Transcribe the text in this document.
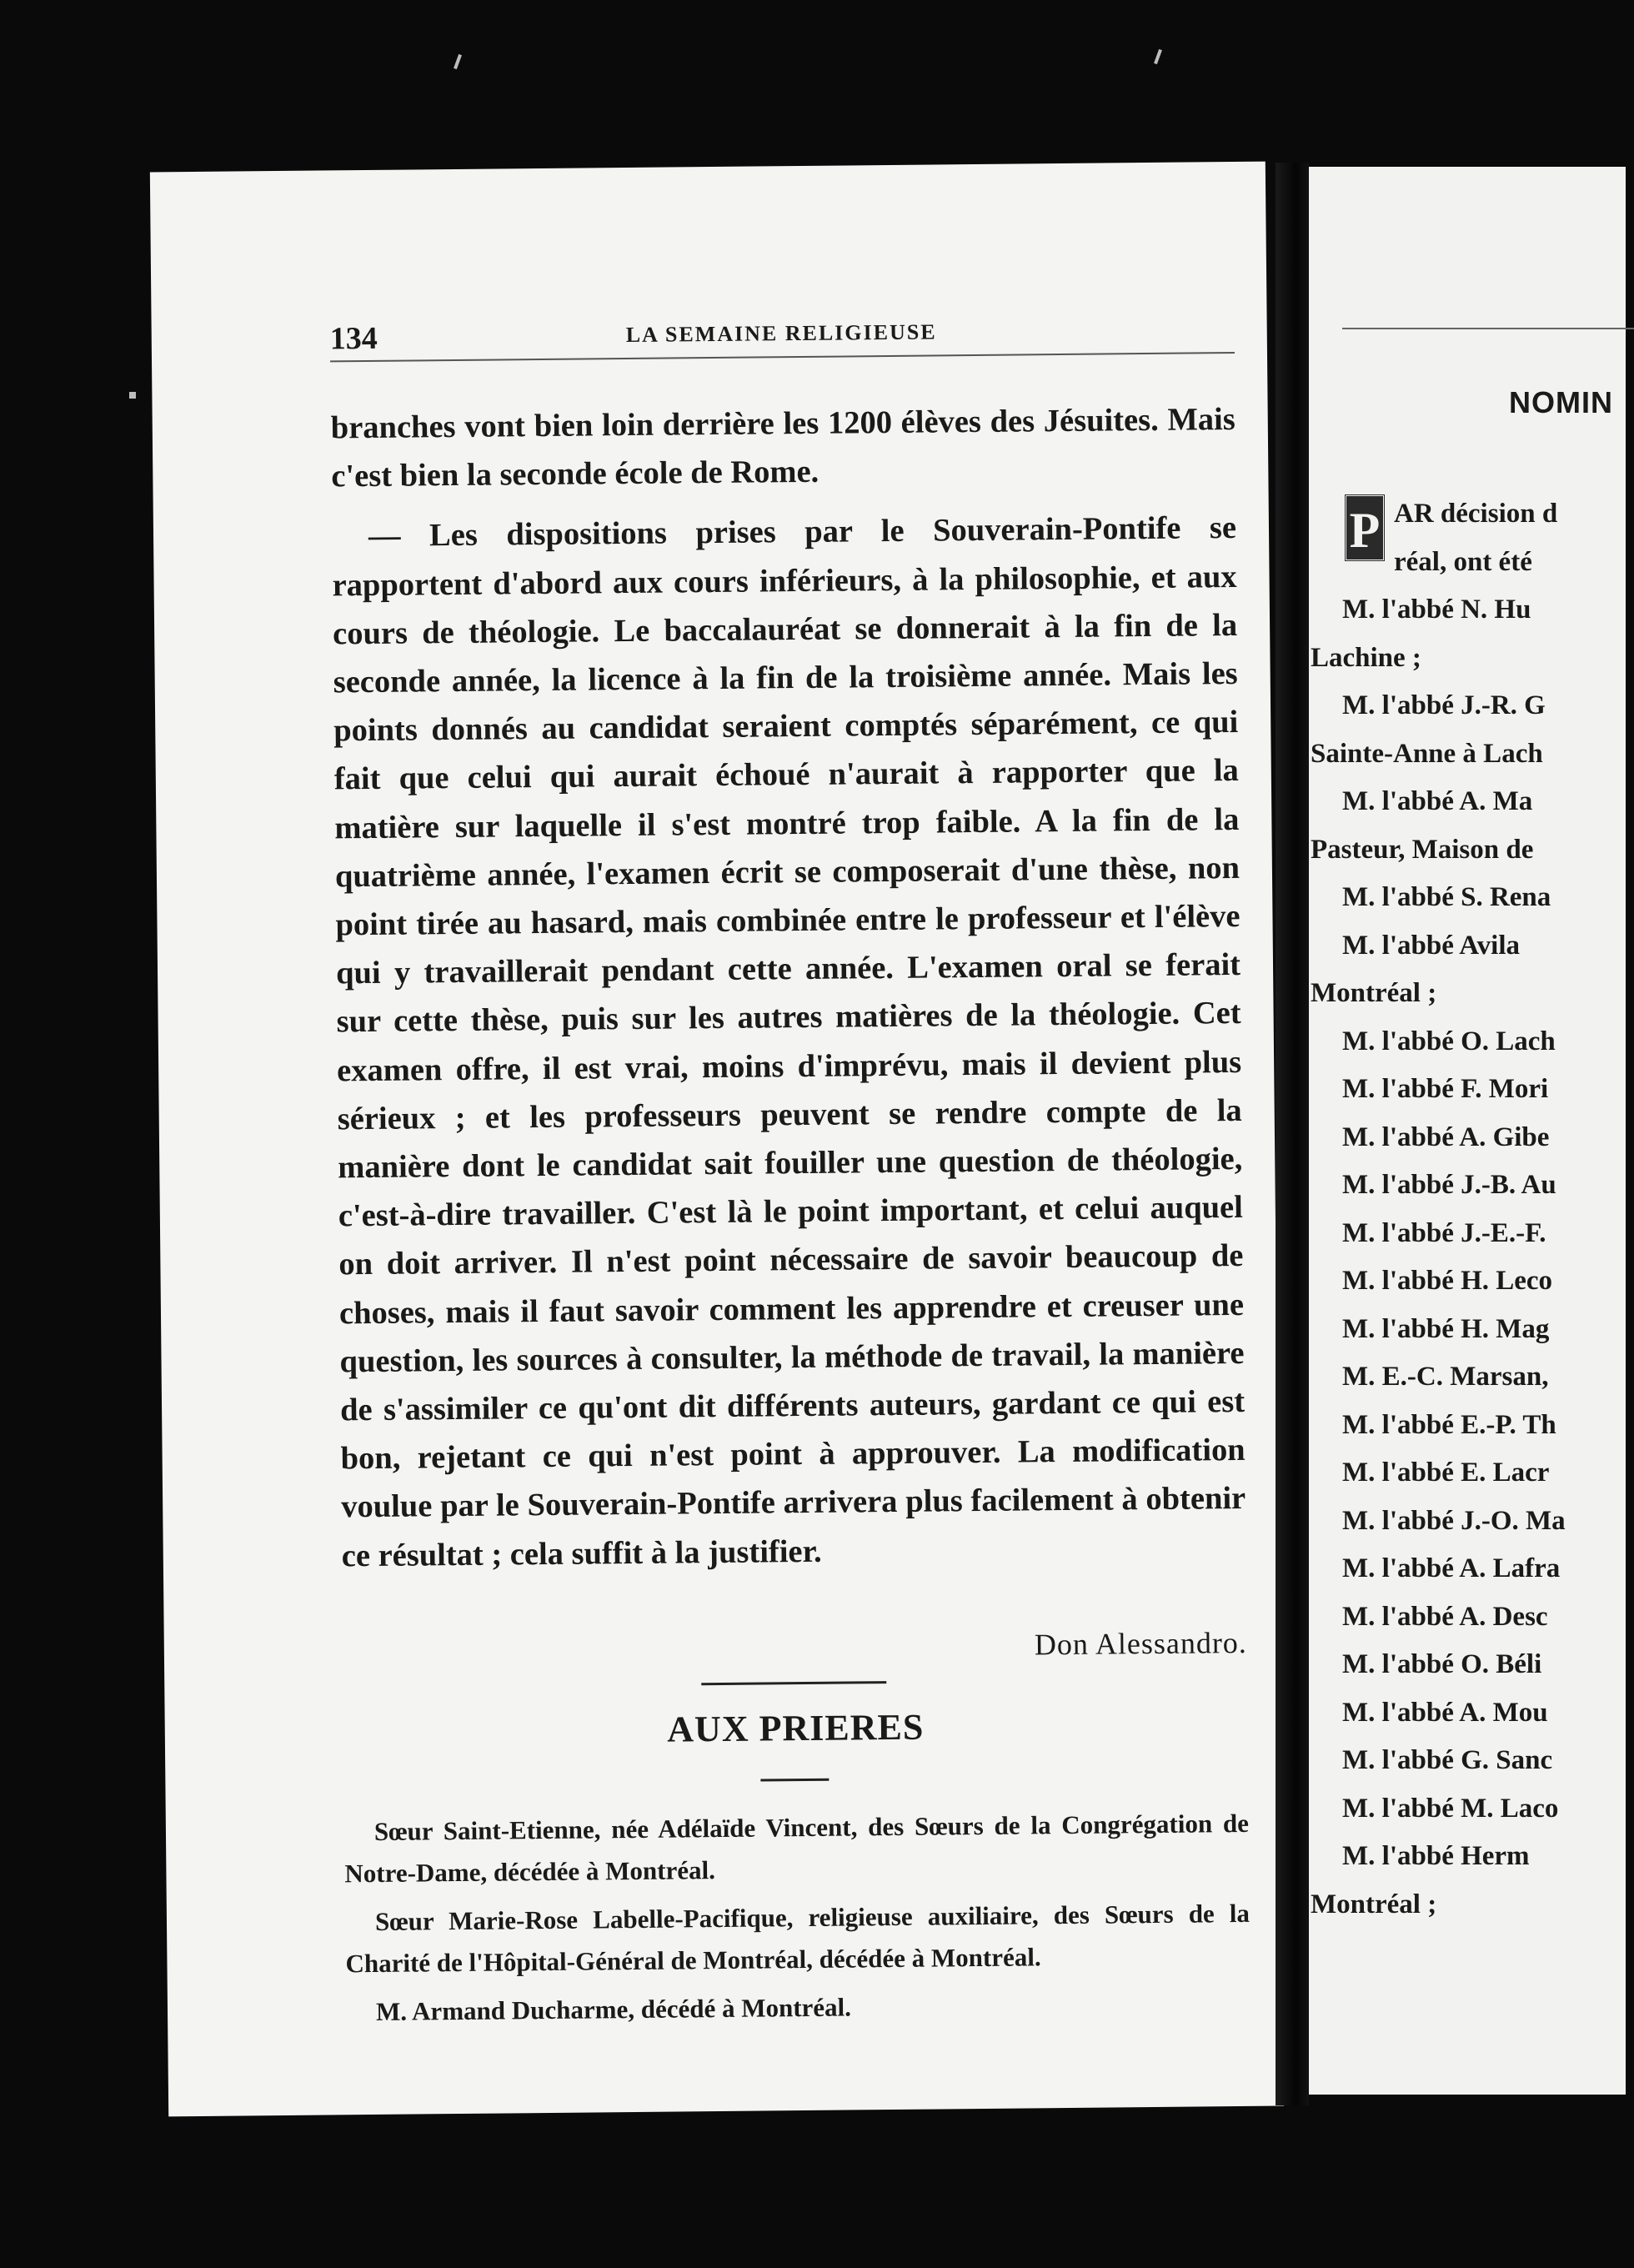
134	LA SEMAINE RELIGIEUSE

branches vont bien loin derrière les 1200 élèves des Jésuites. Mais c'est bien la seconde école de Rome.

— Les dispositions prises par le Souverain-Pontife se rapportent d'abord aux cours inférieurs, à la philosophie, et aux cours de théologie. Le baccalauréat se donnerait à la fin de la seconde année, la licence à la fin de la troisième année. Mais les points donnés au candidat seraient comptés séparément, ce qui fait que celui qui aurait échoué n'aurait à rapporter que la matière sur laquelle il s'est montré trop faible. A la fin de la quatrième année, l'examen écrit se composerait d'une thèse, non point tirée au hasard, mais combinée entre le professeur et l'élève qui y travaillerait pendant cette année. L'examen oral se ferait sur cette thèse, puis sur les autres matières de la théologie. Cet examen offre, il est vrai, moins d'imprévu, mais il devient plus sérieux ; et les professeurs peuvent se rendre compte de la manière dont le candidat sait fouiller une question de théologie, c'est-à-dire travailler. C'est là le point important, et celui auquel on doit arriver. Il n'est point nécessaire de savoir beaucoup de choses, mais il faut savoir comment les apprendre et creuser une question, les sources à consulter, la méthode de travail, la manière de s'assimiler ce qu'ont dit différents auteurs, gardant ce qui est bon, rejetant ce qui n'est point à approuver. La modification voulue par le Souverain-Pontife arrivera plus facilement à obtenir ce résultat ; cela suffit à la justifier.

Don Alessandro.
AUX PRIERES

Sœur Saint-Etienne, née Adélaïde Vincent, des Sœurs de la Congrégation de Notre-Dame, décédée à Montréal.

Sœur Marie-Rose Labelle-Pacifique, religieuse auxiliaire, des Sœurs de la Charité de l'Hôpital-Général de Montréal, décédée à Montréal.

M. Armand Ducharme, décédé à Montréal.

NOMIN
P AR décision d
réal, ont été
M. l'abbé N. Hu
Lachine ;
M. l'abbé J.-R. G
Sainte-Anne à Lach
M. l'abbé A. Ma
Pasteur, Maison de
M. l'abbé S. Rena
M. l'abbé Avila
Montréal ;
M. l'abbé O. Lach
M. l'abbé F. Mori
M. l'abbé A. Gibe
M. l'abbé J.-B. Au
M. l'abbé J.-E.-F.
M. l'abbé H. Leco
M. l'abbé H. Mag
M. E.-C. Marsan,
M. l'abbé E.-P. Th
M. l'abbé E. Lacr
M. l'abbé J.-O. Ma
M. l'abbé A. Lafra
M. l'abbé A. Desc
M. l'abbé O. Béli
M. l'abbé A. Mou
M. l'abbé G. Sanc
M. l'abbé M. Laco
M. l'abbé Herm
Montréal ;
